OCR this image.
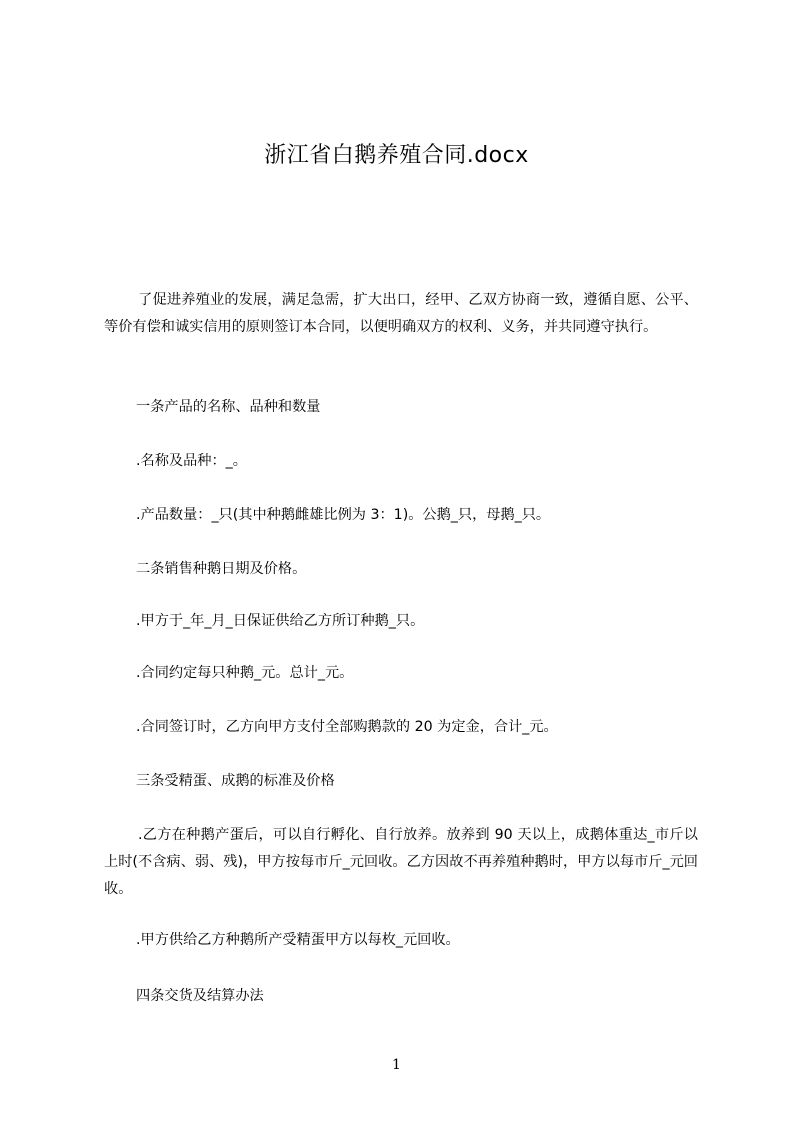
浙江省白鹅养殖合同.docx
了促进养殖业的发展，满足急需，扩大出口，经甲、乙双方协商一致，遵循自愿、公平、等价有偿和诚实信用的原则签订本合同，以便明确双方的权利、义务，并共同遵守执行。
一条产品的名称、品种和数量
.名称及品种：_。
.产品数量：_只(其中种鹅雌雄比例为 3：1)。公鹅_只，母鹅_只。
二条销售种鹅日期及价格。
.甲方于_年_月_日保证供给乙方所订种鹅_只。
.合同约定每只种鹅_元。总计_元。
.合同签订时，乙方向甲方支付全部购鹅款的 20 为定金，合计_元。
三条受精蛋、成鹅的标准及价格
.乙方在种鹅产蛋后，可以自行孵化、自行放养。放养到 90 天以上，成鹅体重达_市斤以上时(不含病、弱、残)，甲方按每市斤_元回收。乙方因故不再养殖种鹅时，甲方以每市斤_元回收。
.甲方供给乙方种鹅所产受精蛋甲方以每枚_元回收。
四条交货及结算办法
1
